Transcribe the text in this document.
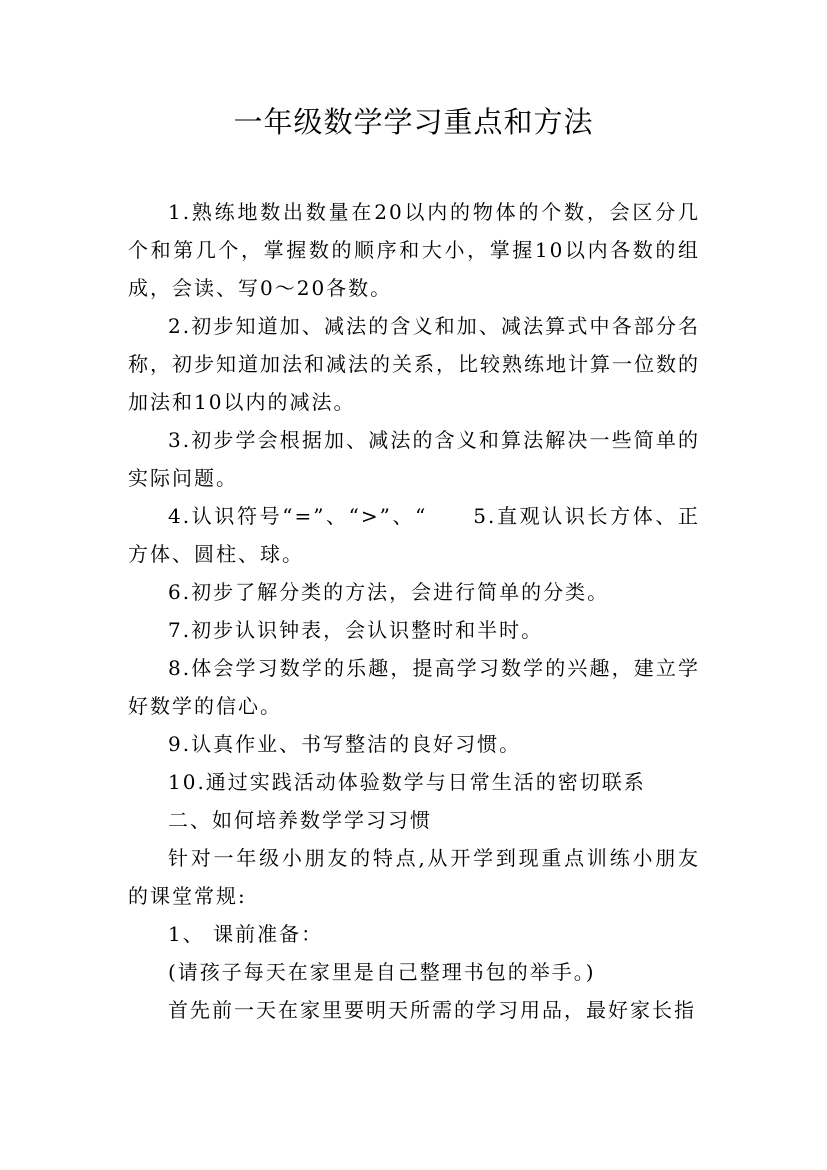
一年级数学学习重点和方法

1.熟练地数出数量在20以内的物体的个数，会区分几个和第几个，掌握数的顺序和大小，掌握10以内各数的组成，会读、写0～20各数。

2.初步知道加、减法的含义和加、减法算式中各部分名称，初步知道加法和减法的关系，比较熟练地计算一位数的加法和10以内的减法。

3.初步学会根据加、减法的含义和算法解决一些简单的实际问题。

4.认识符号“=”、“>”、“　　5.直观认识长方体、正方体、圆柱、球。

6.初步了解分类的方法，会进行简单的分类。

7.初步认识钟表，会认识整时和半时。

8.体会学习数学的乐趣，提高学习数学的兴趣，建立学好数学的信心。

9.认真作业、书写整洁的良好习惯。

10.通过实践活动体验数学与日常生活的密切联系

二、如何培养数学学习习惯

针对一年级小朋友的特点,从开学到现重点训练小朋友的课堂常规:

1、 课前准备：

(请孩子每天在家里是自己整理书包的举手。)

首先前一天在家里要明天所需的学习用品，最好家长指
